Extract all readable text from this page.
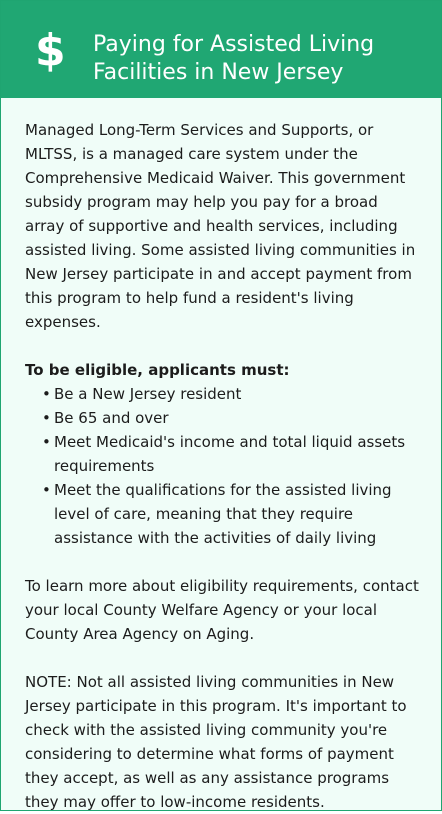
$ Paying for Assisted Living Facilities in New Jersey

Managed Long-Term Services and Supports, or MLTSS, is a managed care system under the Comprehensive Medicaid Waiver. This government subsidy program may help you pay for a broad array of supportive and health services, including assisted living. Some assisted living communities in New Jersey participate in and accept payment from this program to help fund a resident's living expenses.

To be eligible, applicants must:

• Be a New Jersey resident
• Be 65 and over
• Meet Medicaid's income and total liquid assets requirements
• Meet the qualifications for the assisted living level of care, meaning that they require assistance with the activities of daily living

To learn more about eligibility requirements, contact your local County Welfare Agency or your local County Area Agency on Aging.

NOTE: Not all assisted living communities in New Jersey participate in this program. It's important to check with the assisted living community you're considering to determine what forms of payment they accept, as well as any assistance programs they may offer to low-income residents.
